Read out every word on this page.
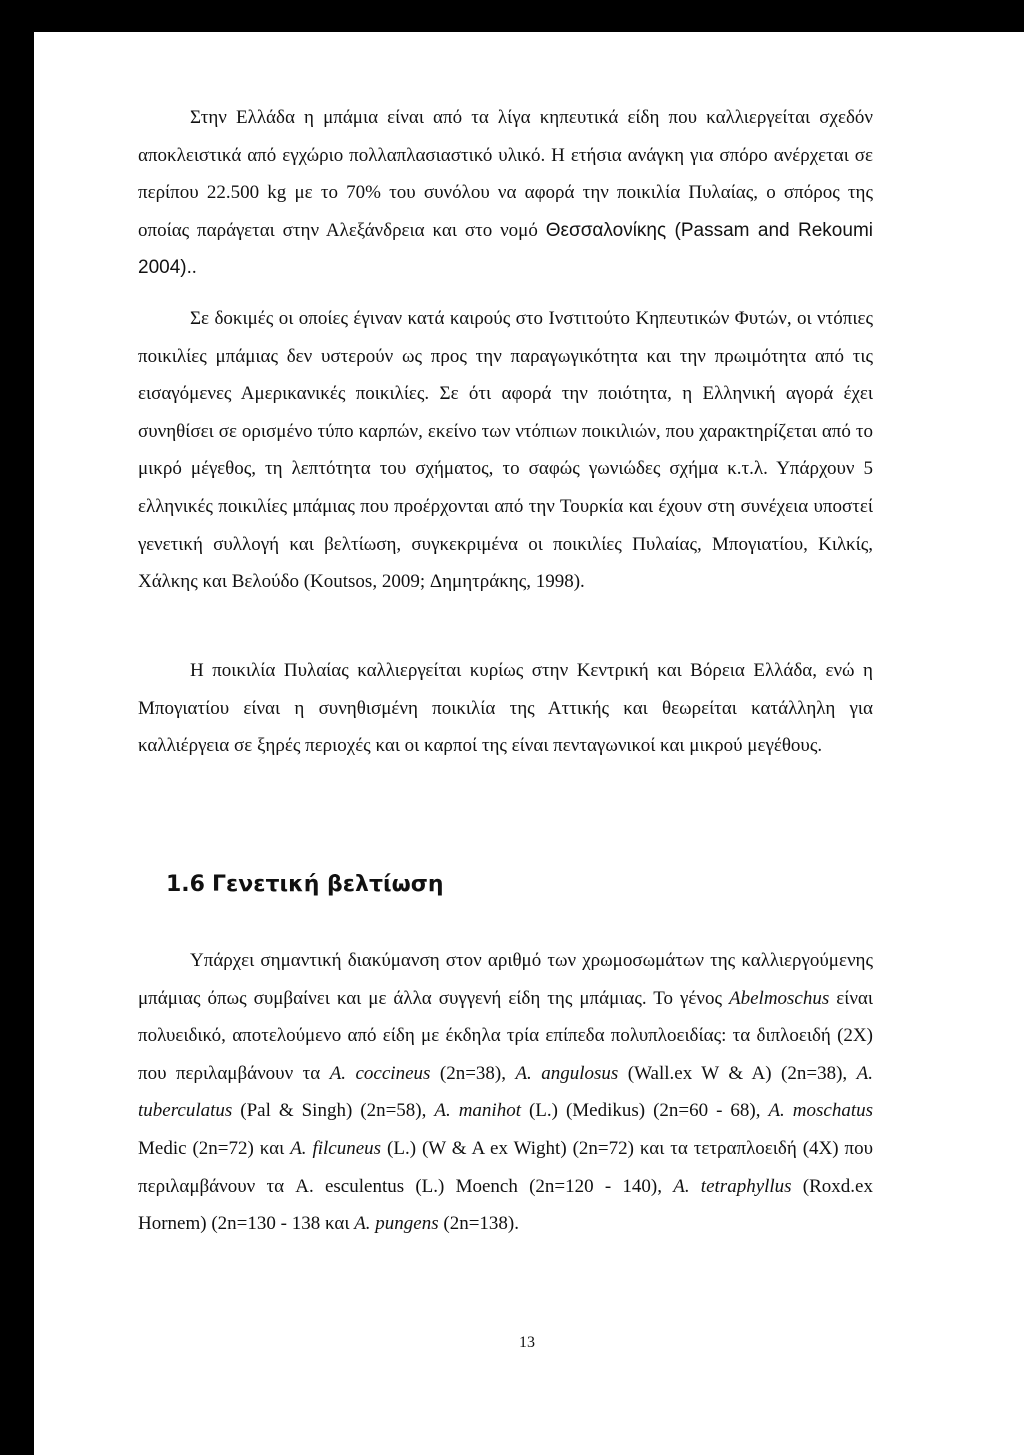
Στην Ελλάδα η μπάμια είναι από τα λίγα κηπευτικά είδη που καλλιεργείται σχεδόν αποκλειστικά από εγχώριο πολλαπλασιαστικό υλικό. Η ετήσια ανάγκη για σπόρο ανέρχεται σε περίπου 22.500 kg με το 70% του συνόλου να αφορά την ποικιλία Πυλαίας, ο σπόρος της οποίας παράγεται στην Αλεξάνδρεια και στο νομό Θεσσαλονίκης (Passam and Rekoumi 2004)..

Σε δοκιμές οι οποίες έγιναν κατά καιρούς στο Ινστιτούτο Κηπευτικών Φυτών, οι ντόπιες ποικιλίες μπάμιας δεν υστερούν ως προς την παραγωγικότητα και την πρωιμότητα από τις εισαγόμενες Αμερικανικές ποικιλίες. Σε ότι αφορά την ποιότητα, η Ελληνική αγορά έχει συνηθίσει σε ορισμένο τύπο καρπών, εκείνο των ντόπιων ποικιλιών, που χαρακτηρίζεται από το μικρό μέγεθος, τη λεπτότητα του σχήματος, το σαφώς γωνιώδες σχήμα κ.τ.λ. Υπάρχουν 5 ελληνικές ποικιλίες μπάμιας που προέρχονται από την Τουρκία και έχουν στη συνέχεια υποστεί γενετική συλλογή και βελτίωση, συγκεκριμένα οι ποικιλίες Πυλαίας, Μπογιατίου, Κιλκίς, Χάλκης και Βελούδο (Koutsos, 2009; Δημητράκης, 1998).

Η ποικιλία Πυλαίας καλλιεργείται κυρίως στην Κεντρική και Βόρεια Ελλάδα, ενώ η Μπογιατίου είναι η συνηθισμένη ποικιλία της Αττικής και θεωρείται κατάλληλη για καλλιέργεια σε ξηρές περιοχές και οι καρποί της είναι πενταγωνικοί και μικρού μεγέθους.

1.6 Γενετική βελτίωση

Υπάρχει σημαντική διακύμανση στον αριθμό των χρωμοσωμάτων της καλλιεργούμενης μπάμιας όπως συμβαίνει και με άλλα συγγενή είδη της μπάμιας. Το γένος Abelmoschus είναι πολυειδικό, αποτελούμενο από είδη με έκδηλα τρία επίπεδα πολυπλοειδίας: τα διπλοειδή (2X) που περιλαμβάνουν τα A. coccineus (2n=38), A. angulosus (Wall.ex W & A) (2n=38), A. tuberculatus (Pal & Singh) (2n=58), A. manihot (L.) (Medikus) (2n=60 - 68), A. moschatus Medic (2n=72) και A. filcuneus (L.) (W & A ex Wight) (2n=72) και τα τετραπλοειδή (4X) που περιλαμβάνουν τα A. esculentus (L.) Moench (2n=120 - 140), A. tetraphyllus (Roxd.ex Hornem) (2n=130 - 138 και A. pungens (2n=138).

13
